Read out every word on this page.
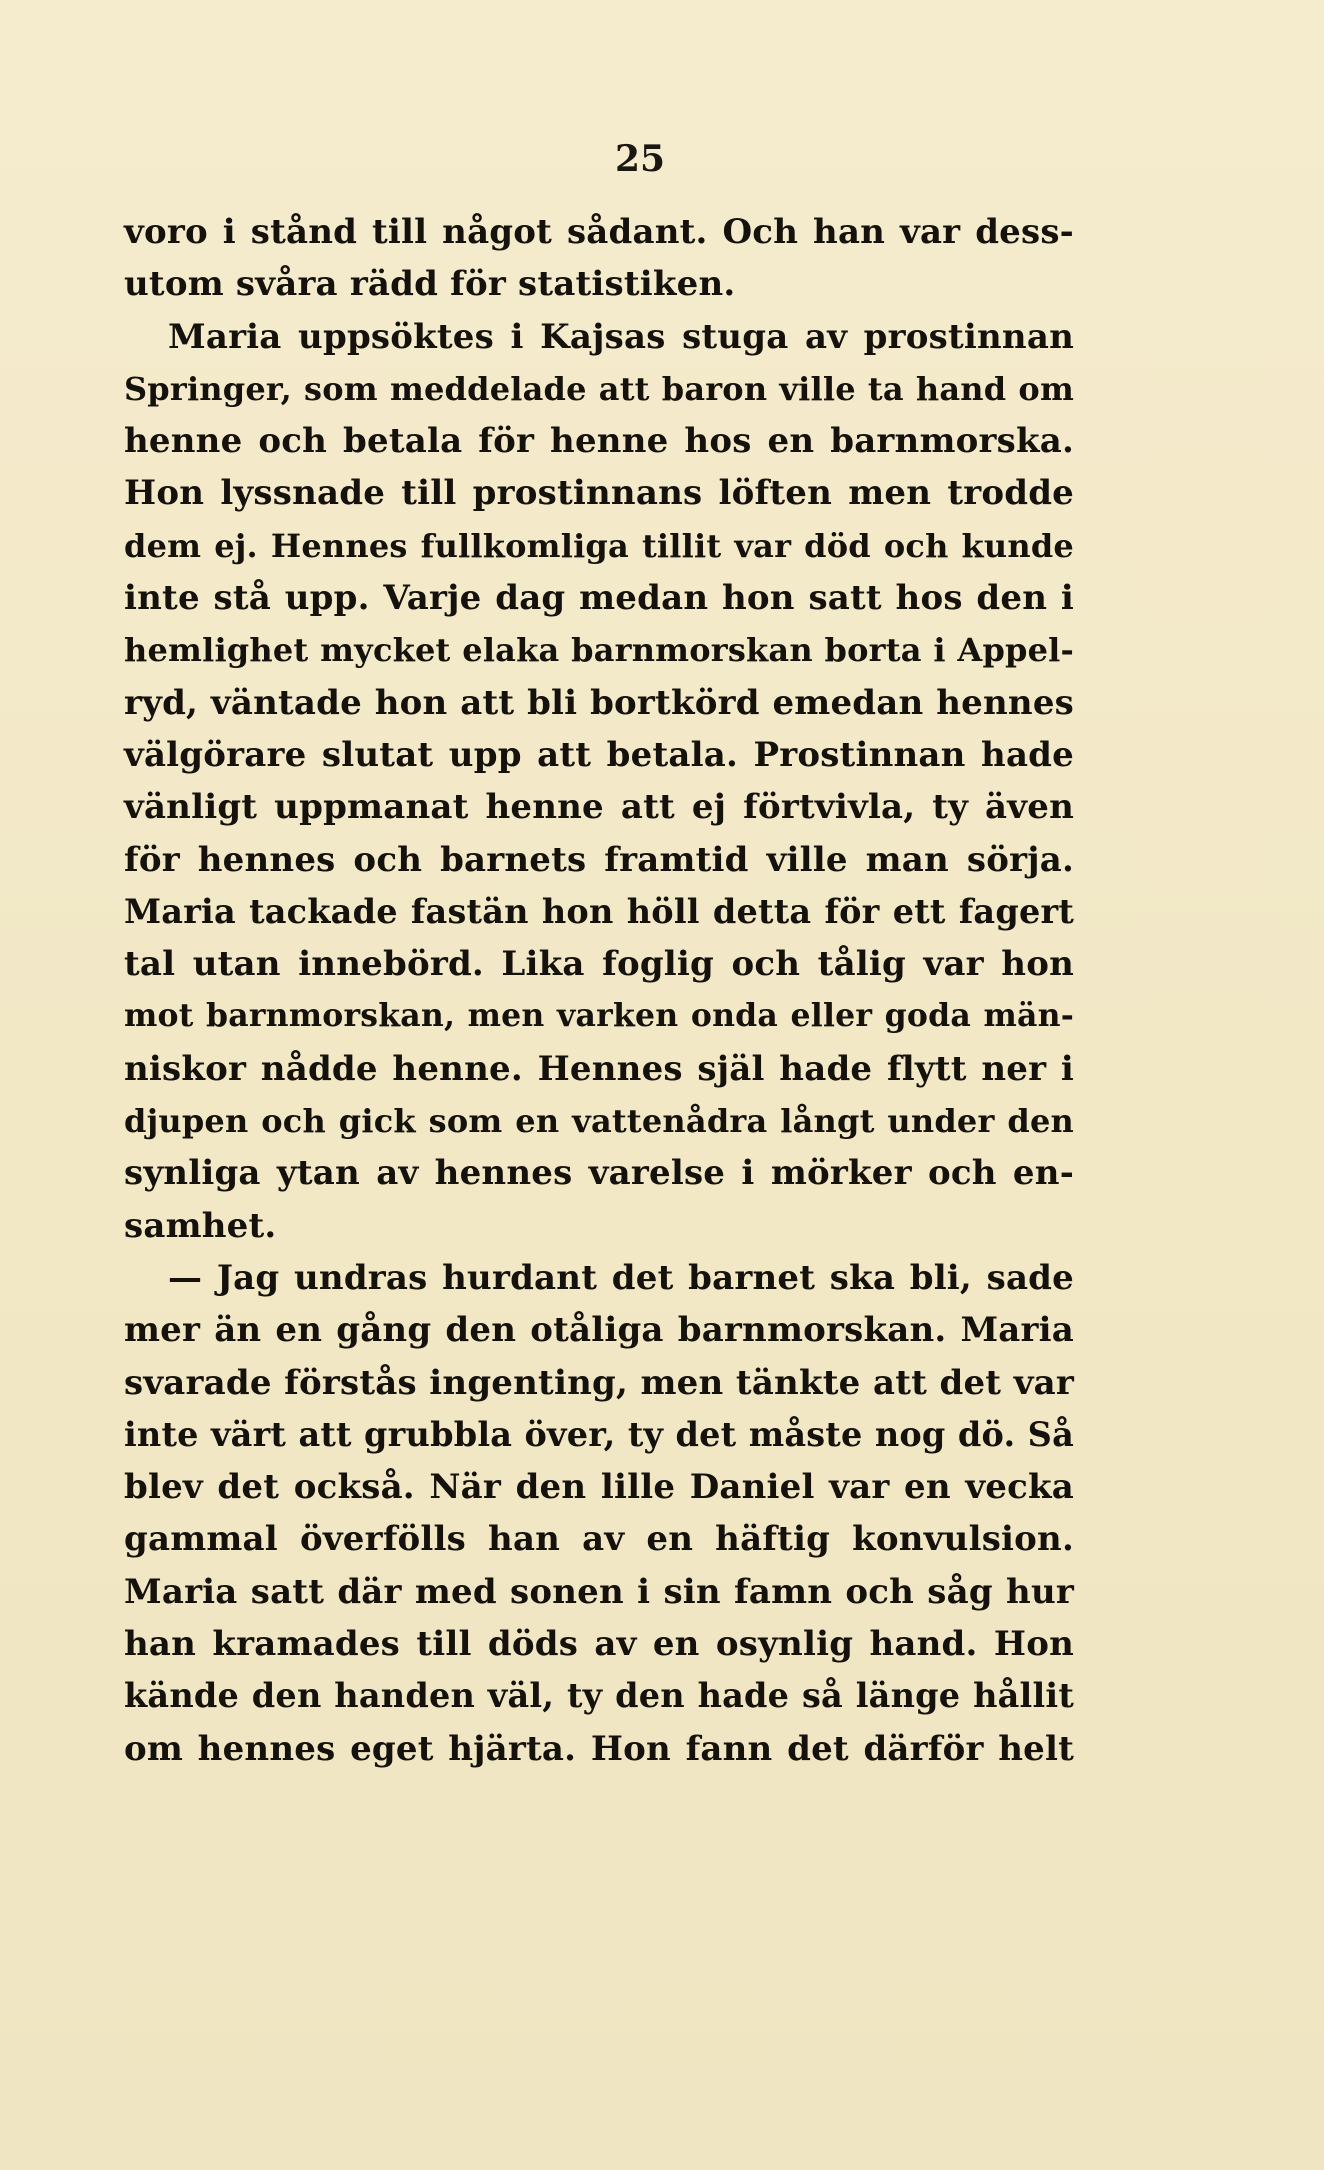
25
voro i stånd till något sådant. Och han var dess-
utom svåra rädd för statistiken.
Maria uppsöktes i Kajsas stuga av prostinnan
Springer, som meddelade att baron ville ta hand om
henne och betala för henne hos en barnmorska.
Hon lyssnade till prostinnans löften men trodde
dem ej. Hennes fullkomliga tillit var död och kunde
inte stå upp. Varje dag medan hon satt hos den i
hemlighet mycket elaka barnmorskan borta i Appel-
ryd, väntade hon att bli bortkörd emedan hennes
välgörare slutat upp att betala. Prostinnan hade
vänligt uppmanat henne att ej förtvivla, ty även
för hennes och barnets framtid ville man sörja.
Maria tackade fastän hon höll detta för ett fagert
tal utan innebörd. Lika foglig och tålig var hon
mot barnmorskan, men varken onda eller goda män-
niskor nådde henne. Hennes själ hade flytt ner i
djupen och gick som en vattenådra långt under den
synliga ytan av hennes varelse i mörker och en-
samhet.
— Jag undras hurdant det barnet ska bli, sade
mer än en gång den otåliga barnmorskan. Maria
svarade förstås ingenting, men tänkte att det var
inte värt att grubbla över, ty det måste nog dö. Så
blev det också. När den lille Daniel var en vecka
gammal överfölls han av en häftig konvulsion.
Maria satt där med sonen i sin famn och såg hur
han kramades till döds av en osynlig hand. Hon
kände den handen väl, ty den hade så länge hållit
om hennes eget hjärta. Hon fann det därför helt
